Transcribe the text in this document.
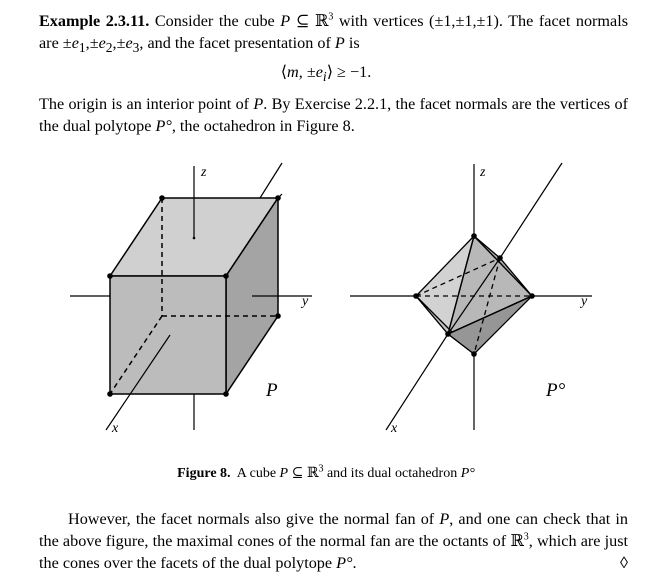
Example 2.3.11. Consider the cube P ⊆ ℝ$^3$ with vertices (±1,±1,±1). The facet normals are $\pm e_1,\pm e_2,\pm e_3$, and the facet presentation of P is
⟨m, $\pm e_i⟩ \ge -1$.
The origin is an interior point of P. By Exercise 2.2.1, the facet normals are the vertices of the dual polytope P°, the octahedron in Figure 8.
z
y
x
P
z
y
x
P°
Figure 8. A cube P ⊆ ℝ$^3$ and its dual octahedron P°
However, the facet normals also give the normal fan of P, and one can check that in the above figure, the maximal cones of the normal fan are the octants of ℝ$^3$, which are just the cones over the facets of the dual polytope P°.	◊
